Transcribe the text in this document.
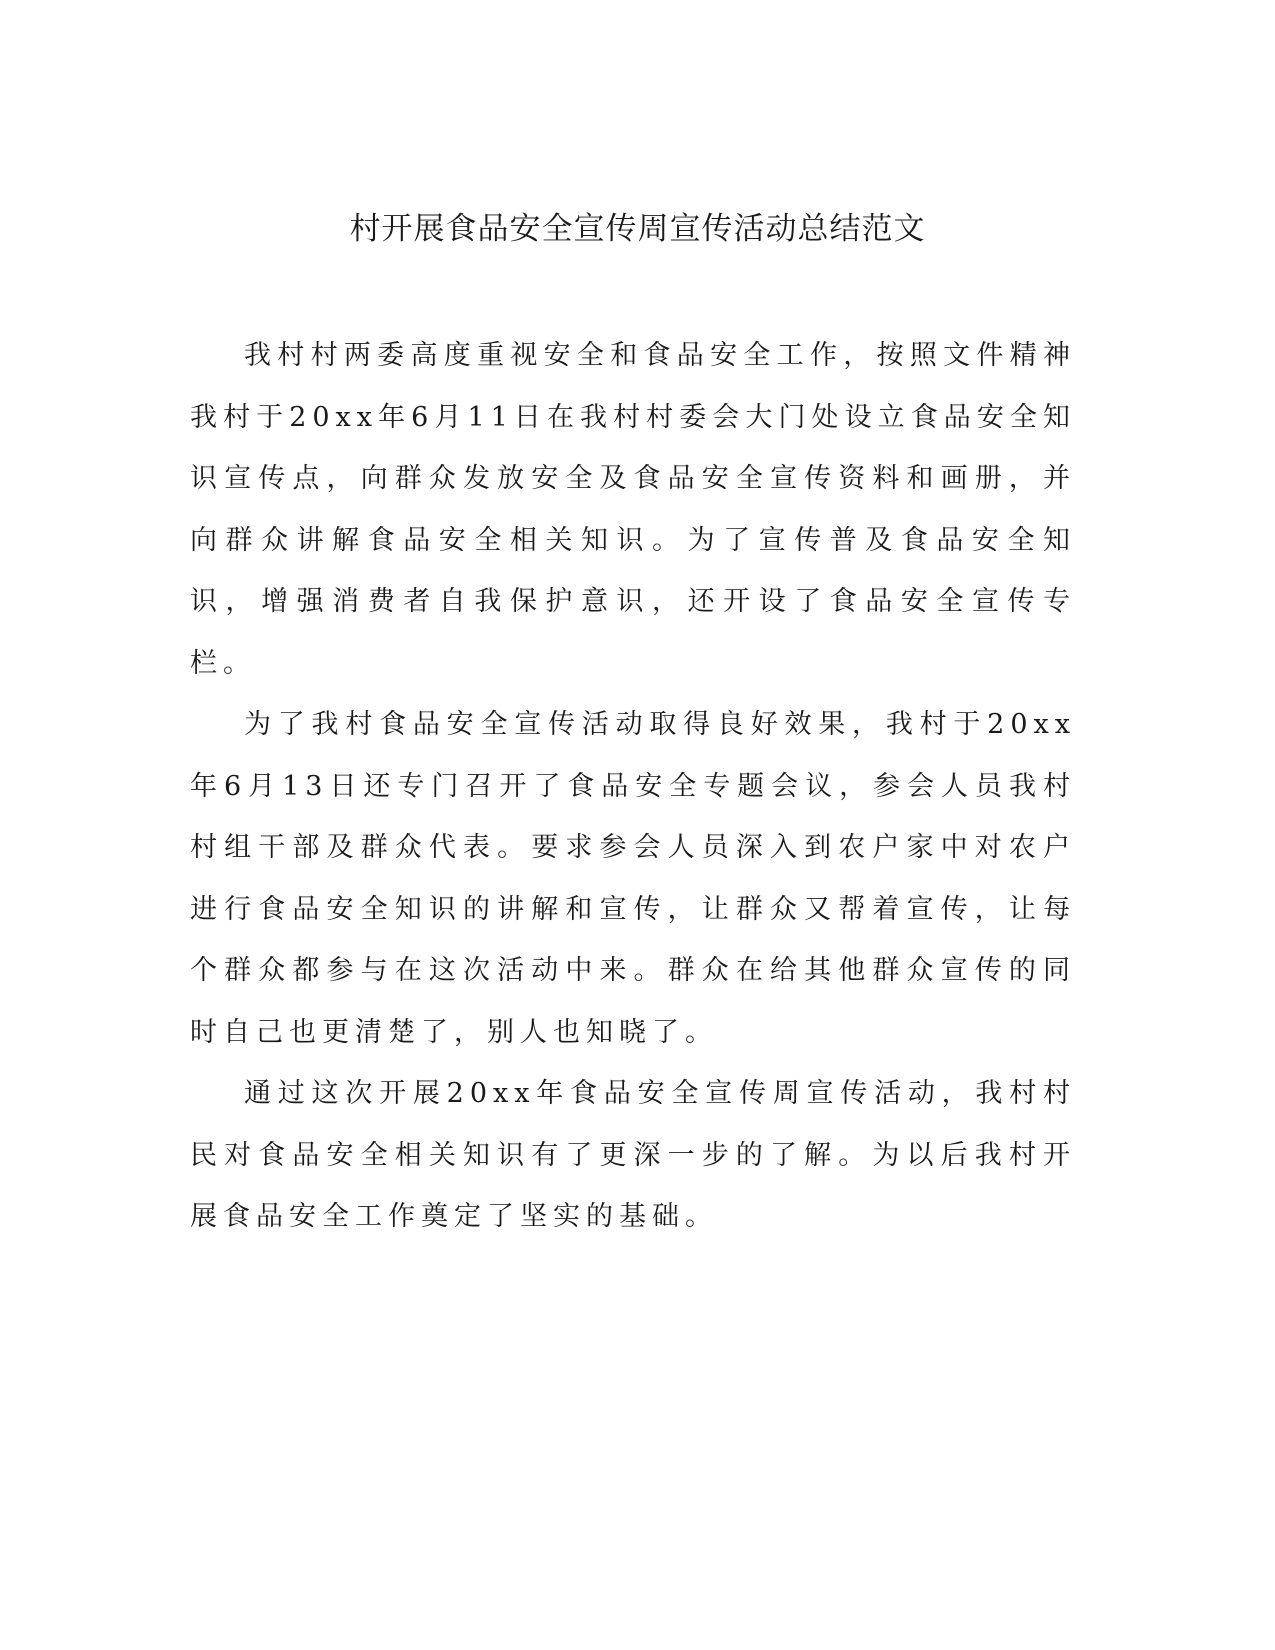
村开展食品安全宣传周宣传活动总结范文

我村村两委高度重视安全和食品安全工作，按照文件精神我村于20xx年6月11日在我村村委会大门处设立食品安全知识宣传点，向群众发放安全及食品安全宣传资料和画册，并向群众讲解食品安全相关知识。为了宣传普及食品安全知识，增强消费者自我保护意识，还开设了食品安全宣传专栏。

为了我村食品安全宣传活动取得良好效果，我村于20xx年6月13日还专门召开了食品安全专题会议，参会人员我村村组干部及群众代表。要求参会人员深入到农户家中对农户进行食品安全知识的讲解和宣传，让群众又帮着宣传，让每个群众都参与在这次活动中来。群众在给其他群众宣传的同时自己也更清楚了，别人也知晓了。

通过这次开展20xx年食品安全宣传周宣传活动，我村村民对食品安全相关知识有了更深一步的了解。为以后我村开展食品安全工作奠定了坚实的基础。
